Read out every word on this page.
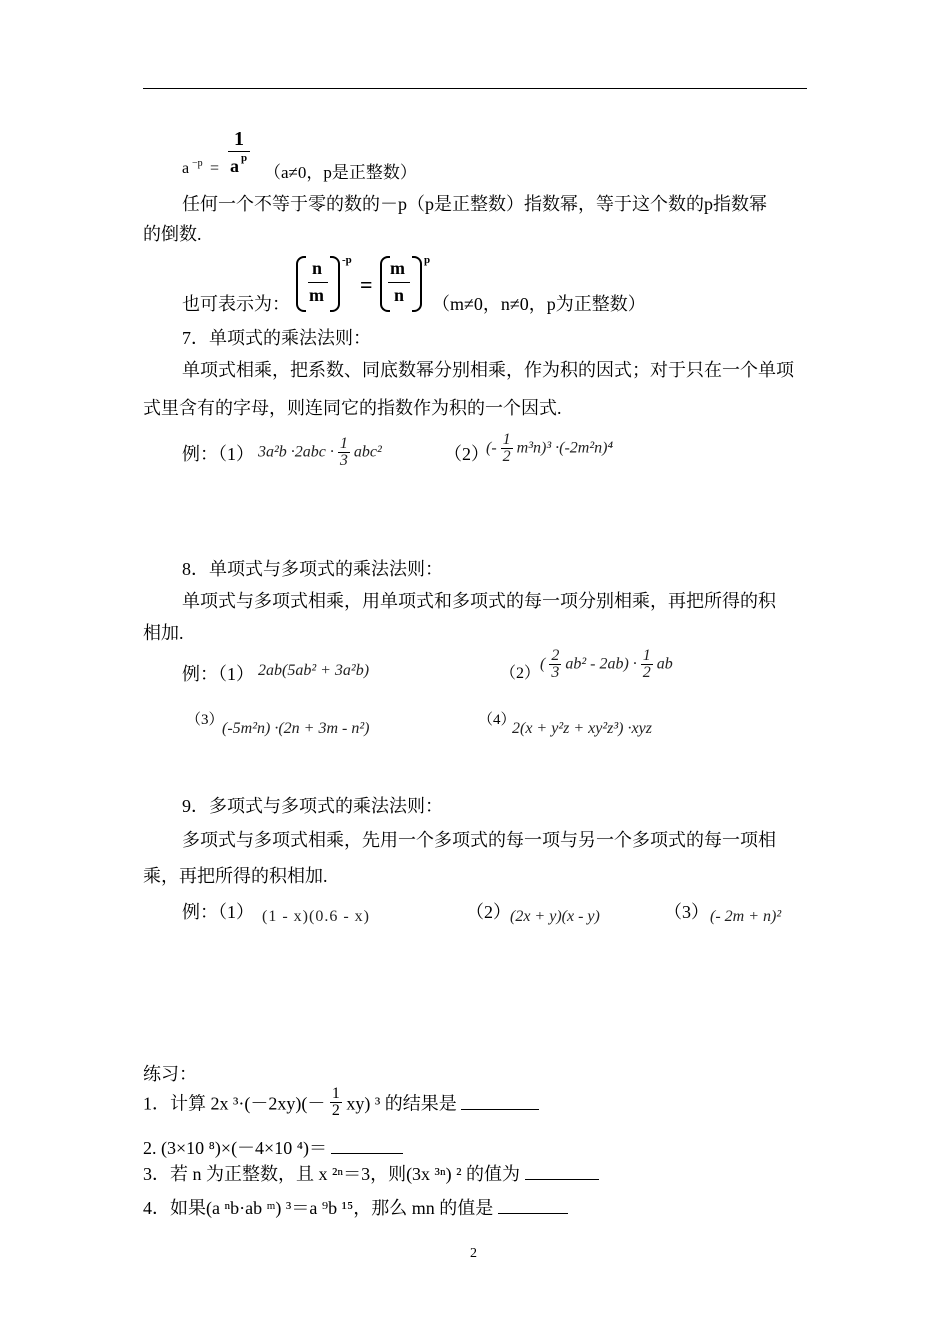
a −p =
1
a p
（a≠0，p是正整数）
任何一个不等于零的数的－p（p是正整数）指数幂，等于这个数的p指数幂
的倒数.
也可表示为：
n
m
-p
=
m
n
p
（m≠0，n≠0，p为正整数）
7．单项式的乘法法则：
单项式相乘，把系数、同底数幂分别相乘，作为积的因式；对于只在一个单项
式里含有的字母，则连同它的指数作为积的一个因式.
例：（1） $3a^2b \cdot 2abc \cdot \frac{1}{3} abc^2$	（2）
(- $\frac{1}{2} m^3n)^3 \cdot(-2m^2n)^4$
8．单项式与多项式的乘法法则：
单项式与多项式相乘，用单项式和多项式的每一项分别相乘，再把所得的积
相加.
例：（1） 2ab(5ab² + 3a²b)	（2）
( $\frac{2}{3} ab^2 - 2ab) \cdot \frac{1}{2}$ ab
（3）
(-5m²n) ·(2n + 3m - n²)	（4）
2(x + y²z + xy²z³) ·xyz
9．多项式与多项式的乘法法则：
多项式与多项式相乘，先用一个多项式的每一项与另一个多项式的每一项相
乘，再把所得的积相加.
例：（1） (1 - x)(0.6 - x)	（2） (2x + y)(x - y)	（3） (- 2m + n)²
练习：
1．计算 2x $^3\cdot(-2xy)(- \frac{1}{2} xy)$ ³ 的结果是
2. (3×10 ⁸)×(－4×10 ⁴)＝
3．若 n 为正整数，且 x ²ⁿ＝3，则(3x ³ⁿ) ² 的值为
4．如果(a ⁿb·ab ᵐ) ³＝a ⁹b ¹⁵，那么 mn 的值是
2
